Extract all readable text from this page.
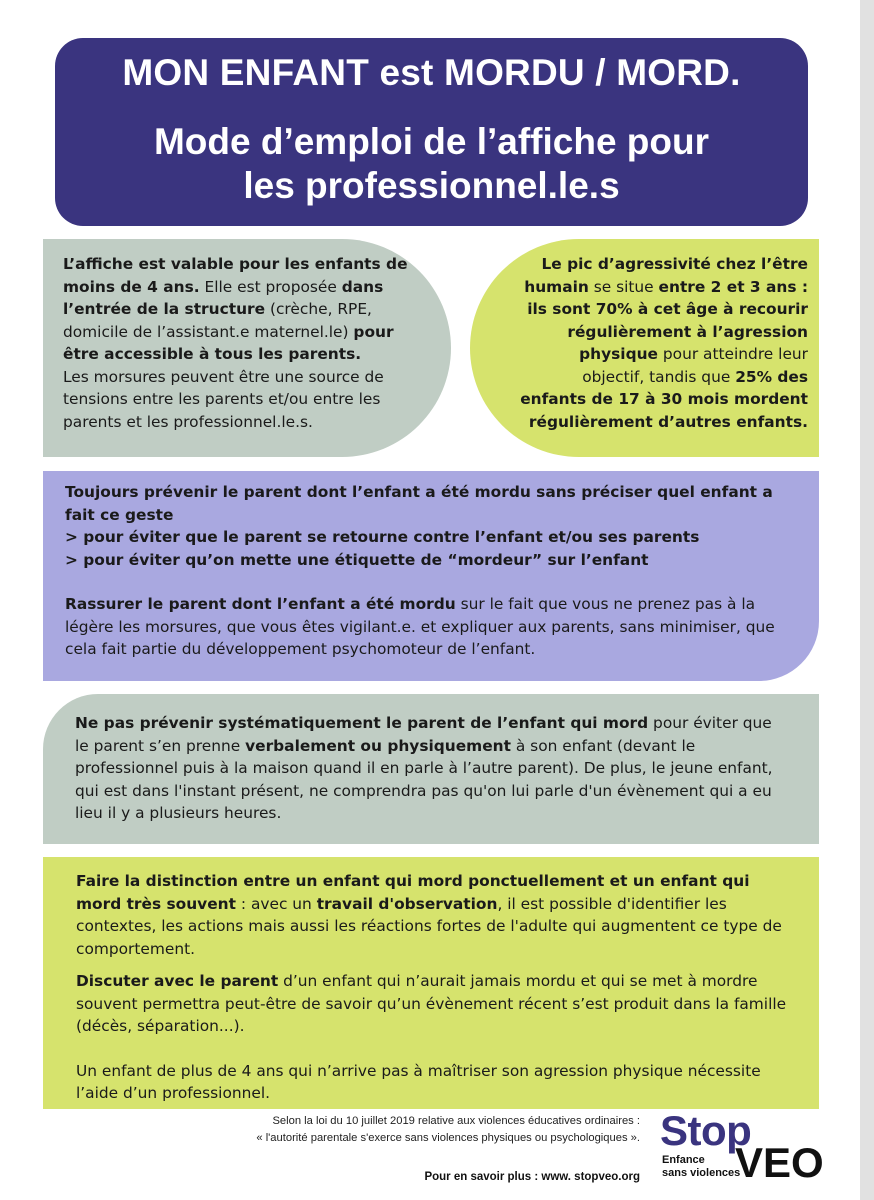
MON ENFANT est MORDU / MORD.
Mode d’emploi de l’affiche pour
les professionnel.le.s
L’affiche est valable pour les enfants de moins de 4 ans. Elle est proposée dans l’entrée de la structure (crèche, RPE, domicile de l’assistant.e maternel.le) pour être accessible à tous les parents.
Les morsures peuvent être une source de tensions entre les parents et/ou entre les parents et les professionnel.le.s.
Le pic d’agressivité chez l’être humain se situe entre 2 et 3 ans : ils sont 70% à cet âge à recourir régulièrement à l’agression physique pour atteindre leur objectif, tandis que 25% des enfants de 17 à 30 mois mordent régulièrement d’autres enfants.
Toujours prévenir le parent dont l’enfant a été mordu sans préciser quel enfant a fait ce geste
> pour éviter que le parent se retourne contre l’enfant et/ou ses parents
> pour éviter qu’on mette une étiquette de “mordeur” sur l’enfant
Rassurer le parent dont l’enfant a été mordu sur le fait que vous ne prenez pas à la légère les morsures, que vous êtes vigilant.e. et expliquer aux parents, sans minimiser, que cela fait partie du développement psychomoteur de l’enfant.
Ne pas prévenir systématiquement le parent de l’enfant qui mord pour éviter que le parent s’en prenne verbalement ou physiquement à son enfant (devant le professionnel puis à la maison quand il en parle à l’autre parent). De plus, le jeune enfant, qui est dans l'instant présent, ne comprendra pas qu'on lui parle d'un évènement qui a eu lieu il y a plusieurs heures.
Faire la distinction entre un enfant qui mord ponctuellement et un enfant qui mord très souvent : avec un travail d'observation, il est possible d'identifier les contextes, les actions mais aussi les réactions fortes de l'adulte qui augmentent ce type de comportement.
Discuter avec le parent d’un enfant qui n’aurait jamais mordu et qui se met à mordre souvent permettra peut-être de savoir qu’un évènement récent s’est produit dans la famille (décès, séparation...).
Un enfant de plus de 4 ans qui n’arrive pas à maîtriser son agression physique nécessite l’aide d’un professionnel.
Selon la loi du 10 juillet 2019 relative aux violences éducatives ordinaires :
« l'autorité parentale s'exerce sans violences physiques ou psychologiques ».
Pour en savoir plus : www. stopveo.org
Stop
VEO
Enfance
sans violences
